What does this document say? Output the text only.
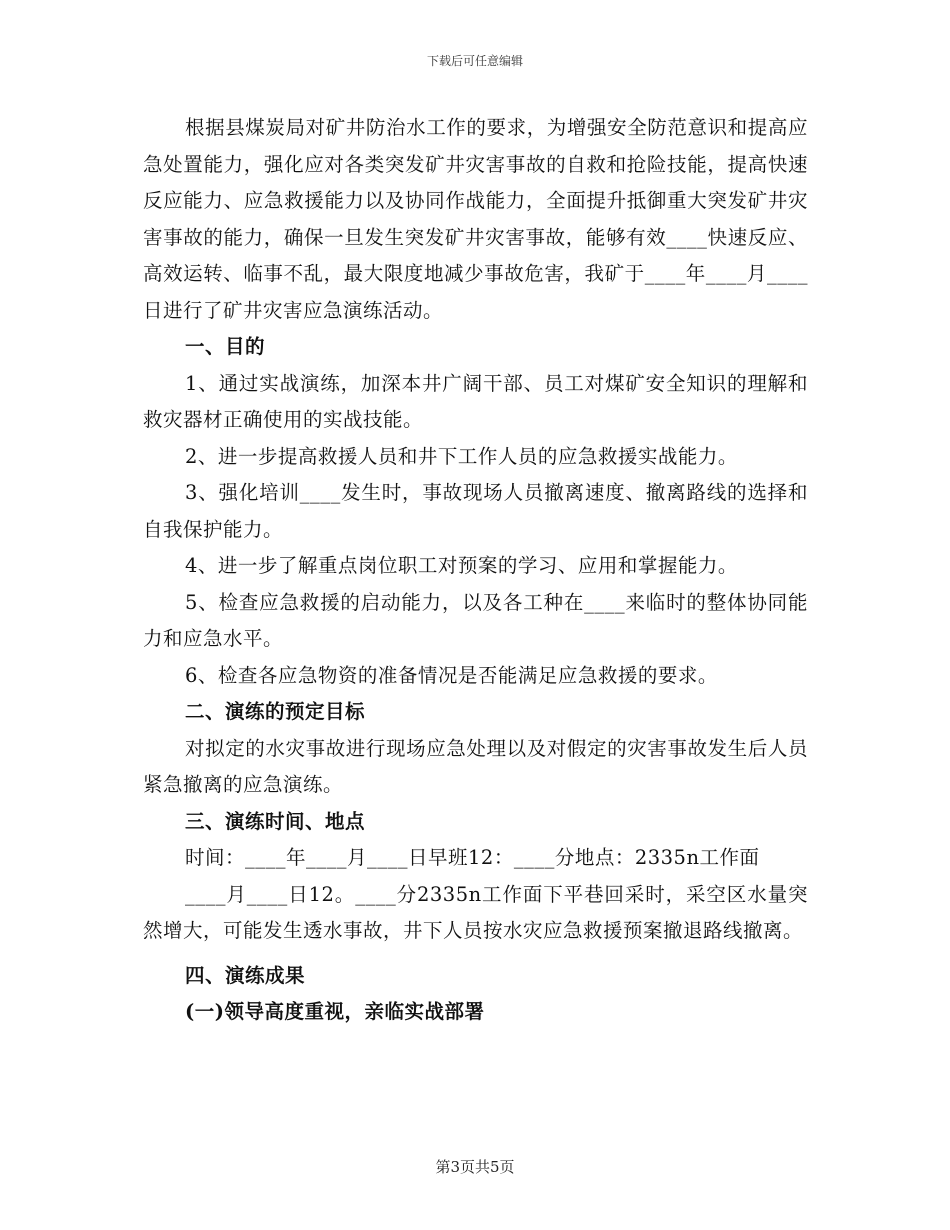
下载后可任意编辑

根据县煤炭局对矿井防治水工作的要求，为增强安全防范意识和提高应急处置能力，强化应对各类突发矿井灾害事故的自救和抢险技能，提高快速反应能力、应急救援能力以及协同作战能力，全面提升抵御重大突发矿井灾害事故的能力，确保一旦发生突发矿井灾害事故，能够有效____快速反应、高效运转、临事不乱，最大限度地减少事故危害，我矿于____年____月____日进行了矿井灾害应急演练活动。

一、目的

1、通过实战演练，加深本井广阔干部、员工对煤矿安全知识的理解和救灾器材正确使用的实战技能。

2、进一步提高救援人员和井下工作人员的应急救援实战能力。

3、强化培训____发生时，事故现场人员撤离速度、撤离路线的选择和自我保护能力。

4、进一步了解重点岗位职工对预案的学习、应用和掌握能力。

5、检查应急救援的启动能力，以及各工种在____来临时的整体协同能力和应急水平。

6、检查各应急物资的准备情况是否能满足应急救援的要求。

二、演练的预定目标

对拟定的水灾事故进行现场应急处理以及对假定的灾害事故发生后人员紧急撤离的应急演练。

三、演练时间、地点

时间：____年____月____日早班12：____分地点：2335n工作面

____月____日12。____分2335n工作面下平巷回采时，采空区水量突然增大，可能发生透水事故，井下人员按水灾应急救援预案撤退路线撤离。

四、演练成果

(一)领导高度重视，亲临实战部署

第3页共5页
